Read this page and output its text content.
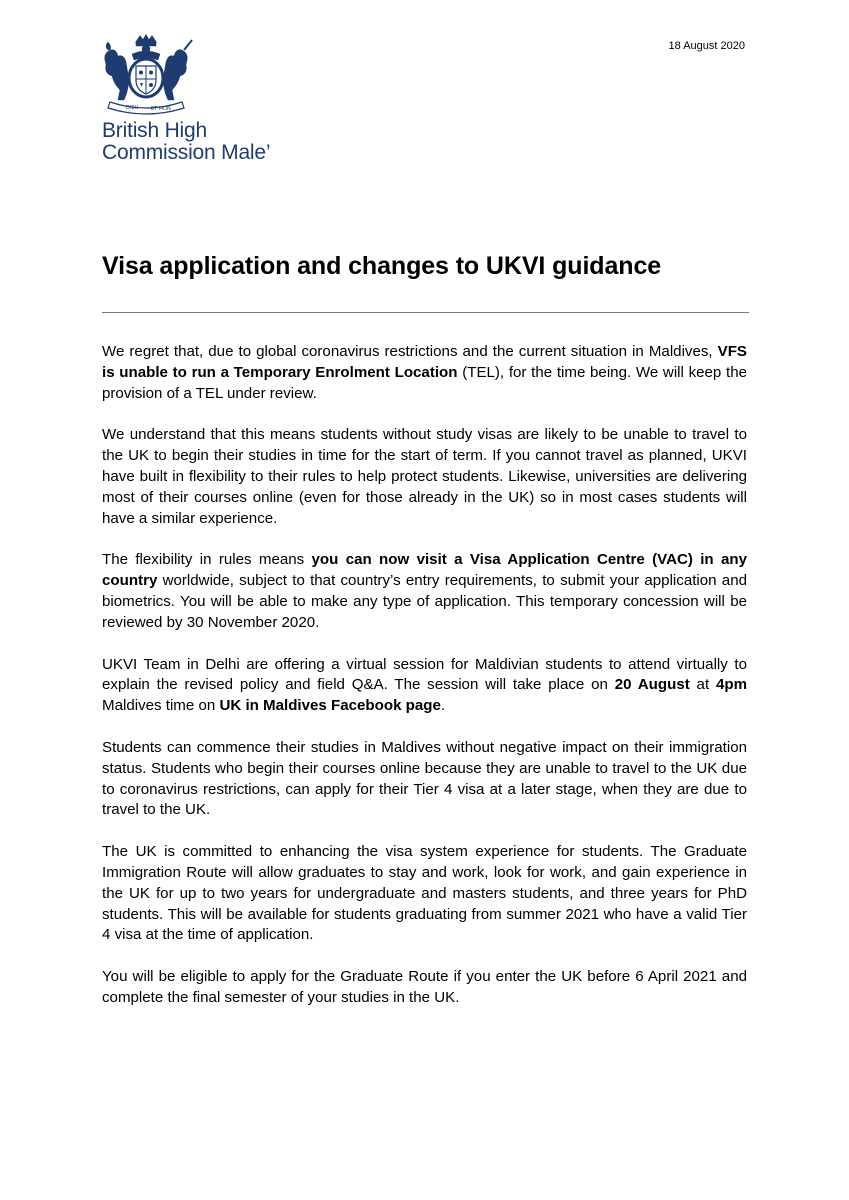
DIEU	ET MON
British High
Commission Male’
18 August 2020
Visa application and changes to UKVI guidance

We regret that, due to global coronavirus restrictions and the current situation in Maldives, VFS is unable to run a Temporary Enrolment Location (TEL), for the time being. We will keep the provision of a TEL under review.

We understand that this means students without study visas are likely to be unable to travel to the UK to begin their studies in time for the start of term. If you cannot travel as planned, UKVI have built in flexibility to their rules to help protect students. Likewise, universities are delivering most of their courses online (even for those already in the UK) so in most cases students will have a similar experience.

The flexibility in rules means you can now visit a Visa Application Centre (VAC) in any country worldwide, subject to that country’s entry requirements, to submit your application and biometrics. You will be able to make any type of application. This temporary concession will be reviewed by 30 November 2020.

UKVI Team in Delhi are offering a virtual session for Maldivian students to attend virtually to explain the revised policy and field Q&A. The session will take place on 20 August at 4pm Maldives time on UK in Maldives Facebook page.

Students can commence their studies in Maldives without negative impact on their immigration status. Students who begin their courses online because they are unable to travel to the UK due to coronavirus restrictions, can apply for their Tier 4 visa at a later stage, when they are due to travel to the UK.

The UK is committed to enhancing the visa system experience for students. The Graduate Immigration Route will allow graduates to stay and work, look for work, and gain experience in the UK for up to two years for undergraduate and masters students, and three years for PhD students. This will be available for students graduating from summer 2021 who have a valid Tier 4 visa at the time of application.

You will be eligible to apply for the Graduate Route if you enter the UK before 6 April 2021 and complete the final semester of your studies in the UK.
